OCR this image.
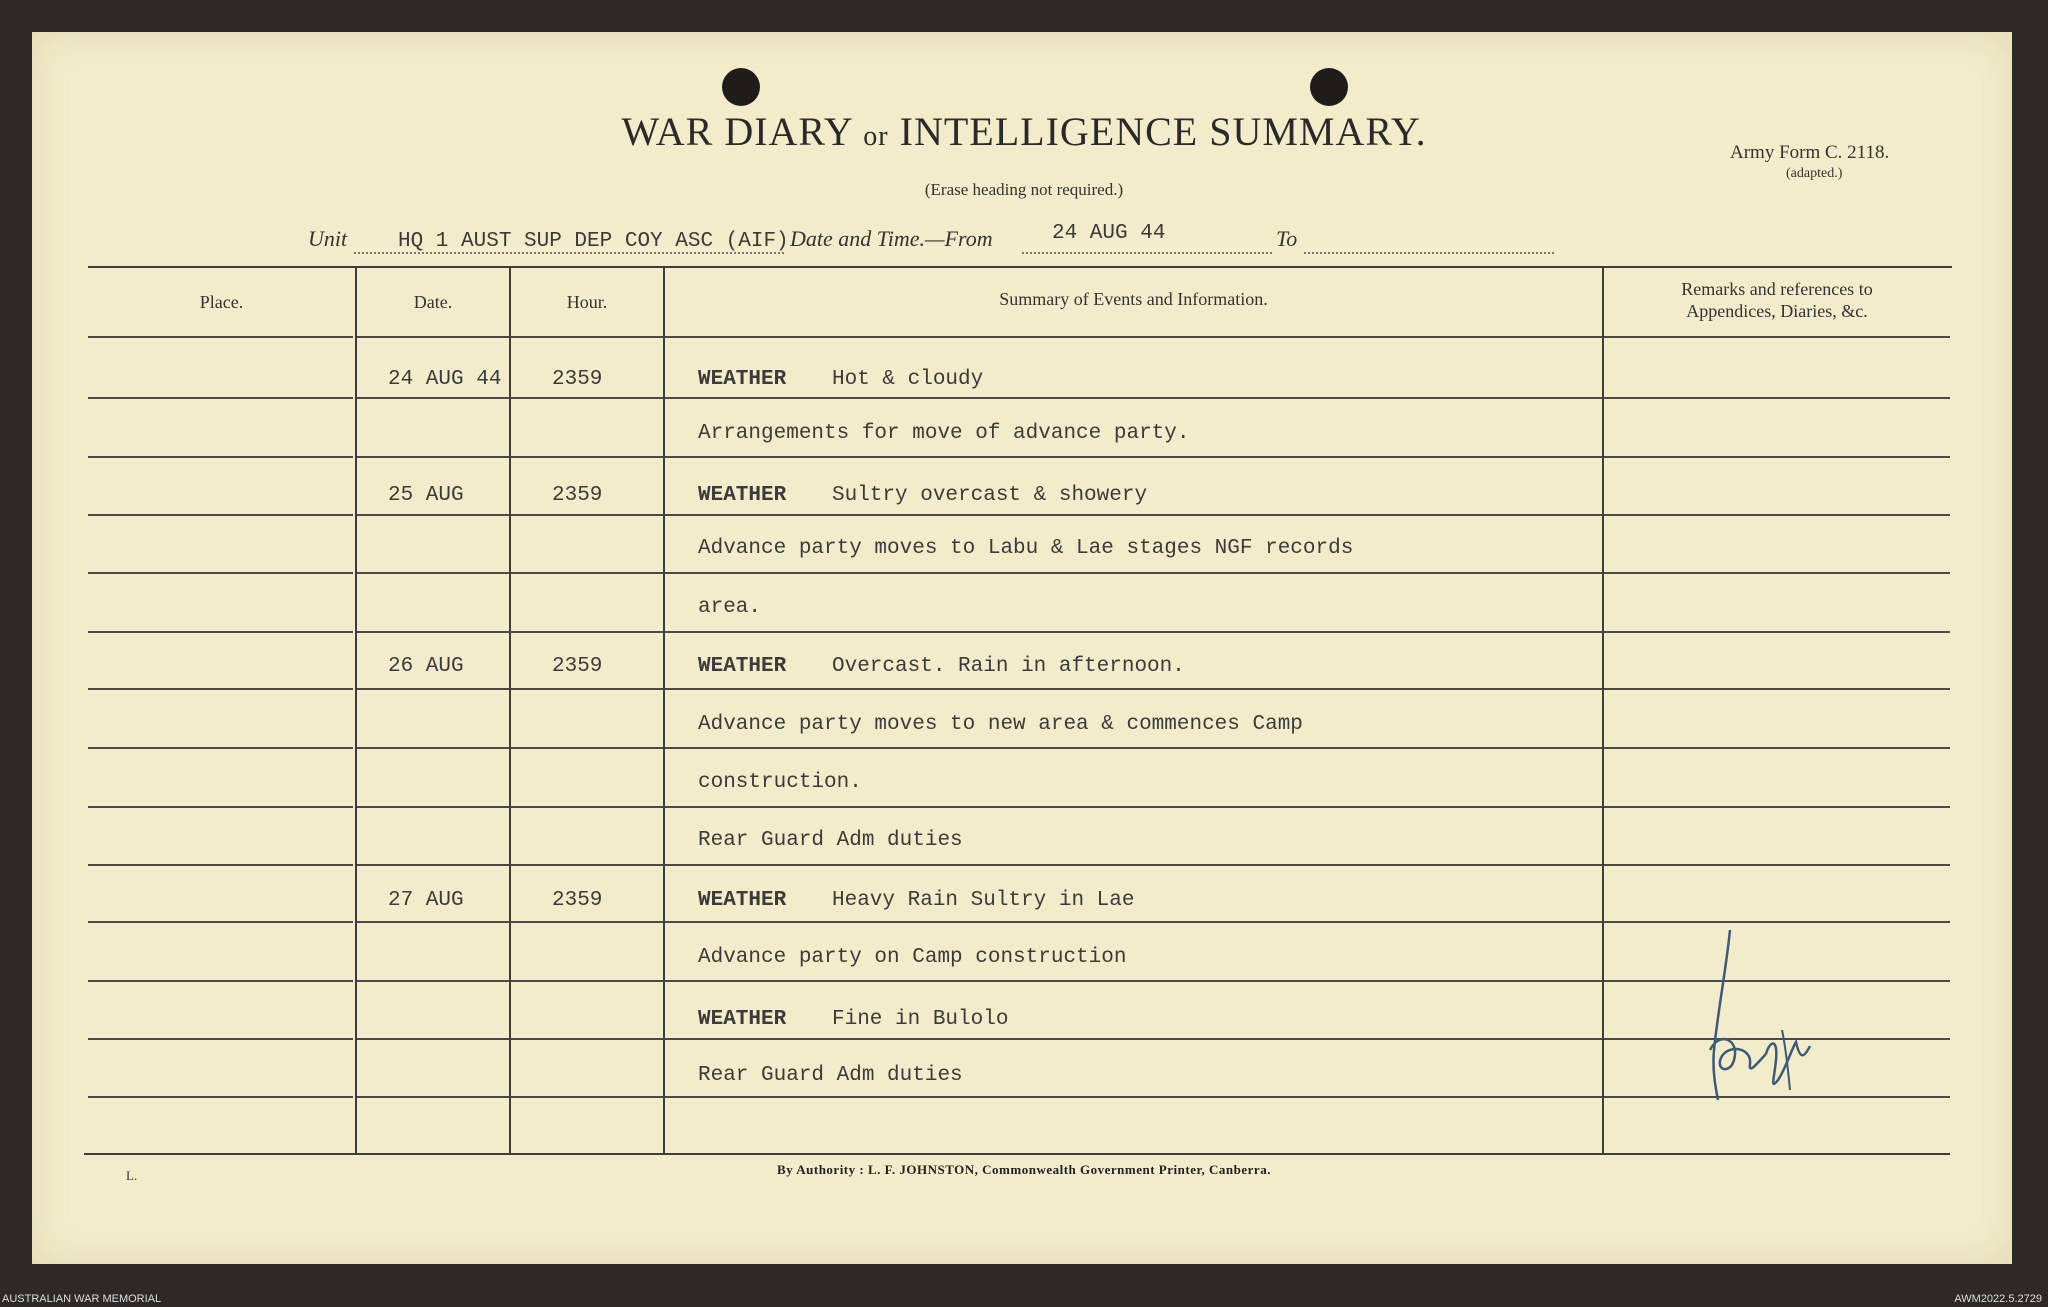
WAR DIARY or INTELLIGENCE SUMMARY.
(Erase heading not required.)
Army Form C. 2118.
(adapted.)
Unit HQ 1 AUST SUP DEP COY ASC (AIF) Date and Time.—From	24 AUG 44	To
Place.	Date.	Hour.	Summary of Events and Information.	Remarks and references to
Appendices, Diaries, &c.
24 AUG 44 2359	WEATHER Hot & cloudy
Arrangements for move of advance party.
25 AUG	2359	WEATHER Sultry overcast & showery
Advance party moves to Labu & Lae stages NGF records
area.
26 AUG	2359	WEATHER Overcast. Rain in afternoon.
Advance party moves to new area & commences Camp
construction.
Rear Guard Adm duties
27 AUG	2359	WEATHER Heavy Rain Sultry in Lae
Advance party on Camp construction
WEATHER Fine in Bulolo
Rear Guard Adm duties
L.	By Authority : L. F. JOHNSTON, Commonwealth Government Printer, Canberra.
AUSTRALIAN WAR MEMORIAL	AWM2022.5.2729
